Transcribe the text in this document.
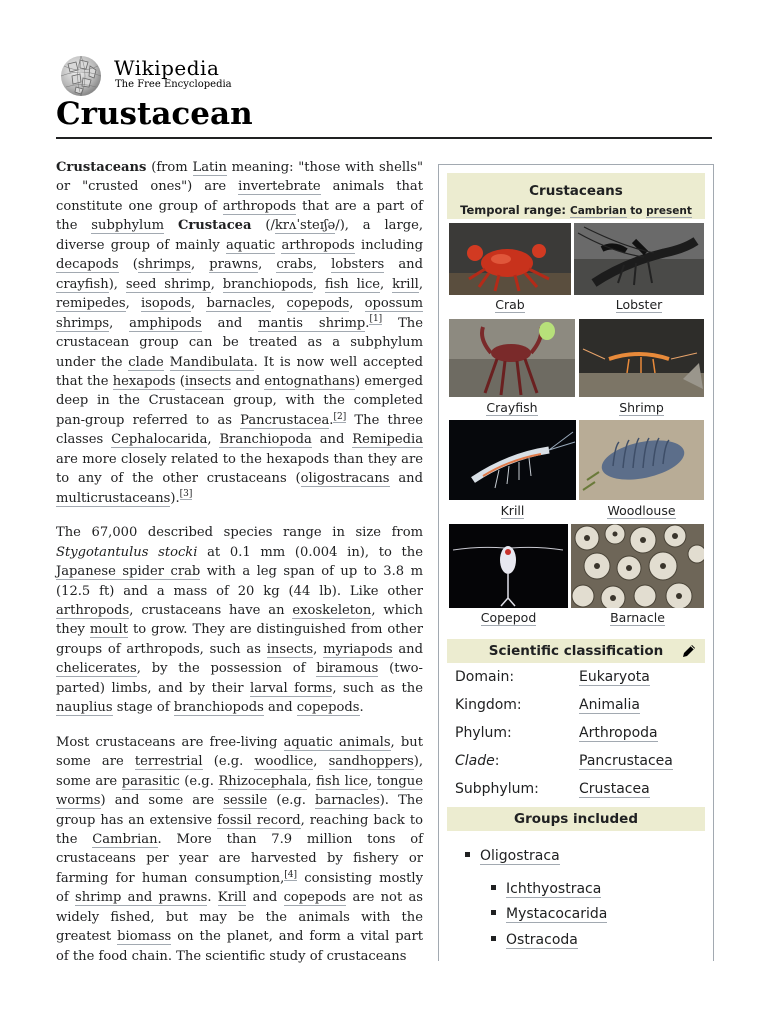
Wikipedia
The Free Encyclopedia
Crustacean

Crustaceans (from Latin meaning: "those with shells" or "crusted ones") are invertebrate animals that constitute one group of arthropods that are a part of the subphylum Crustacea (/krʌˈsteɪʃə/), a large, diverse group of mainly aquatic arthropods including decapods (shrimps, prawns, crabs, lobsters and crayfish), seed shrimp, branchiopods, fish lice, krill, remipedes, isopods, barnacles, copepods, opossum shrimps, amphipods and mantis shrimp.[1] The crustacean group can be treated as a subphylum under the clade Mandibulata. It is now well accepted that the hexapods (insects and entognathans) emerged deep in the Crustacean group, with the completed pan-group referred to as Pancrustacea.[2] The three classes Cephalocarida, Branchiopoda and Remipedia are more closely related to the hexapods than they are to any of the other crustaceans (oligostracans and multicrustaceans).[3]

The 67,000 described species range in size from Stygotantulus stocki at 0.1 mm (0.004 in), to the Japanese spider crab with a leg span of up to 3.8 m (12.5 ft) and a mass of 20 kg (44 lb). Like other arthropods, crustaceans have an exoskeleton, which they moult to grow. They are distinguished from other groups of arthropods, such as insects, myriapods and chelicerates, by the possession of biramous (two-parted) limbs, and by their larval forms, such as the nauplius stage of branchiopods and copepods.

Most crustaceans are free-living aquatic animals, but some are terrestrial (e.g. woodlice, sandhoppers), some are parasitic (e.g. Rhizocephala, fish lice, tongue worms) and some are sessile (e.g. barnacles). The group has an extensive fossil record, reaching back to the Cambrian. More than 7.9 million tons of crustaceans per year are harvested by fishery or farming for human consumption,[4] consisting mostly of shrimp and prawns. Krill and copepods are not as widely fished, but may be the animals with the greatest biomass on the planet, and form a vital part of the food chain. The scientific study of crustaceans

Crustaceans
Temporal range: Cambrian to present
Crab	Lobster
Crayfish	Shrimp
Krill	Woodlouse
Copepod	Barnacle
Scientific classification
Domain:	Eukaryota
Kingdom:	Animalia
Phylum:	Arthropoda
Clade:	Pancrustacea
Subphylum:	Crustacea
Groups included
Oligostraca
Ichthyostraca
Mystacocarida
Ostracoda
